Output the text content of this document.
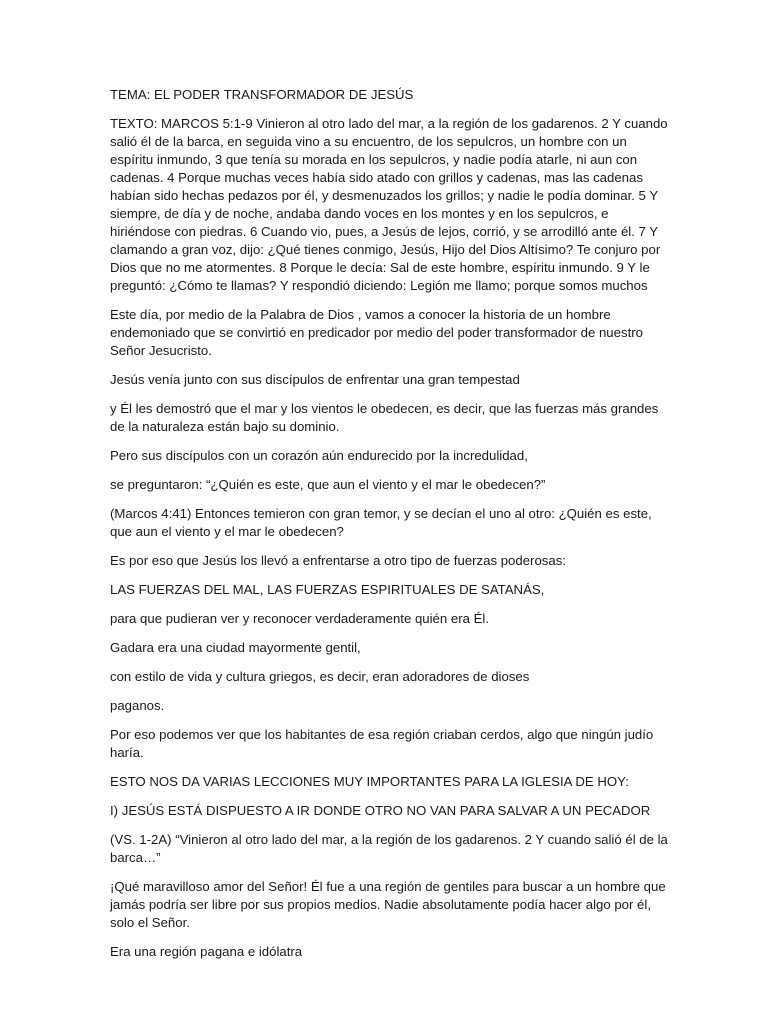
TEMA: EL PODER TRANSFORMADOR DE JESÚS

TEXTO: MARCOS 5:1-9 Vinieron al otro lado del mar, a la región de los gadarenos. 2 Y cuando salió él de la barca, en seguida vino a su encuentro, de los sepulcros, un hombre con un espíritu inmundo, 3 que tenía su morada en los sepulcros, y nadie podía atarle, ni aun con cadenas. 4 Porque muchas veces había sido atado con grillos y cadenas, mas las cadenas habían sido hechas pedazos por él, y desmenuzados los grillos; y nadie le podía dominar. 5 Y siempre, de día y de noche, andaba dando voces en los montes y en los sepulcros, e hiriéndose con piedras. 6 Cuando vio, pues, a Jesús de lejos, corrió, y se arrodilló ante él. 7 Y clamando a gran voz, dijo: ¿Qué tienes conmigo, Jesús, Hijo del Dios Altísimo? Te conjuro por Dios que no me atormentes. 8 Porque le decía: Sal de este hombre, espíritu inmundo. 9 Y le preguntó: ¿Cómo te llamas? Y respondió diciendo: Legión me llamo; porque somos muchos

Este día, por medio de la Palabra de Dios , vamos a conocer la historia de un hombre endemoniado que se convirtió en predicador por medio del poder transformador de nuestro Señor Jesucristo.

Jesús venía junto con sus discípulos de enfrentar una gran tempestad

y Él les demostró que el mar y los vientos le obedecen, es decir, que las fuerzas más grandes de la naturaleza están bajo su dominio.

Pero sus discípulos con un corazón aún endurecido por la incredulidad,

se preguntaron: “¿Quién es este, que aun el viento y el mar le obedecen?”

(Marcos 4:41) Entonces temieron con gran temor, y se decían el uno al otro: ¿Quién es este, que aun el viento y el mar le obedecen?

Es por eso que Jesús los llevó a enfrentarse a otro tipo de fuerzas poderosas:

LAS FUERZAS DEL MAL, LAS FUERZAS ESPIRITUALES DE SATANÁS,

para que pudieran ver y reconocer verdaderamente quién era Él.

Gadara era una ciudad mayormente gentil,

con estilo de vida y cultura griegos, es decir, eran adoradores de dioses

paganos.

Por eso podemos ver que los habitantes de esa región criaban cerdos, algo que ningún judío haría.

ESTO NOS DA VARIAS LECCIONES MUY IMPORTANTES PARA LA IGLESIA DE HOY:

I) JESÚS ESTÁ DISPUESTO A IR DONDE OTRO NO VAN PARA SALVAR A UN PECADOR

(VS. 1-2A) “Vinieron al otro lado del mar, a la región de los gadarenos. 2 Y cuando salió él de la barca…”

¡Qué maravilloso amor del Señor! Él fue a una región de gentiles para buscar a un hombre que jamás podría ser libre por sus propios medios. Nadie absolutamente podía hacer algo por él, solo el Señor.

Era una región pagana e idólatra
